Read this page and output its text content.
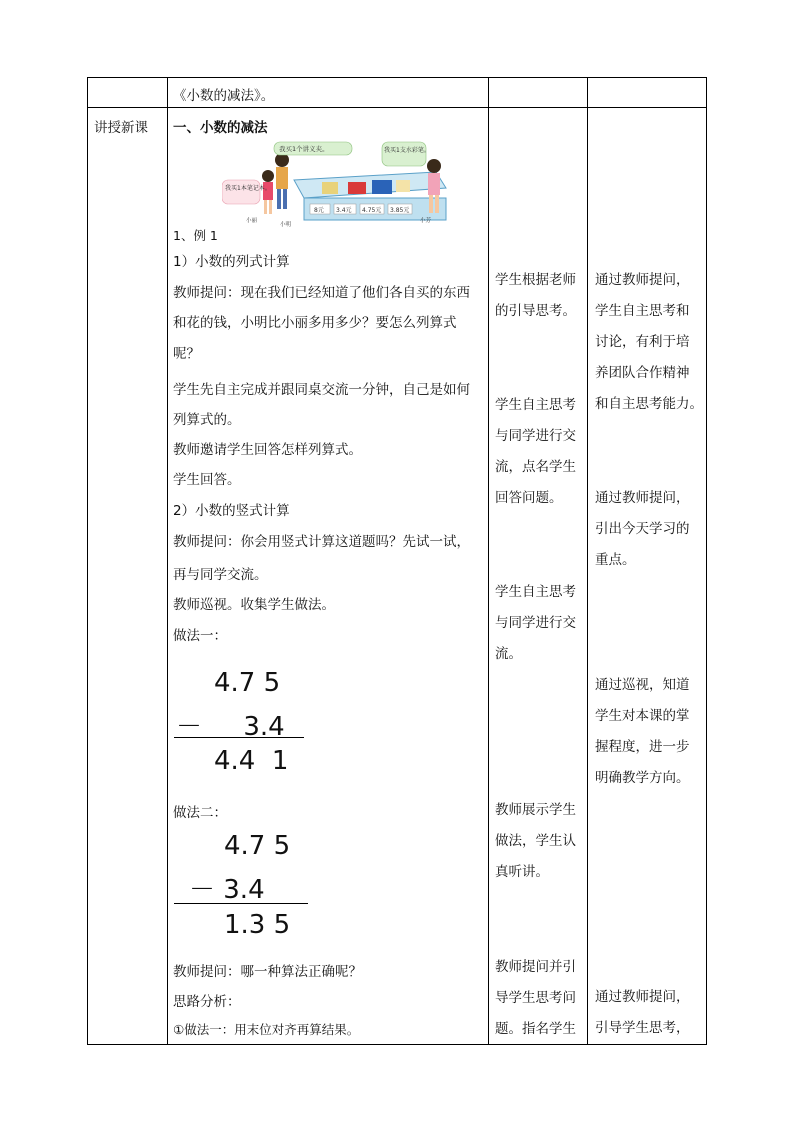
《小数的减法》。
讲授新课 一、小数的减法
8元 3.4元 4.75元 3.85元
我买1个讲义夹。
我买1本笔记本。
我买1支水彩笔。
小丽
小明
小芳
1、例 1
1）小数的列式计算
教师提问：现在我们已经知道了他们各自买的东西
和花的钱，小明比小丽多用多少？要怎么列算式
呢？
学生先自主完成并跟同桌交流一分钟，自己是如何
列算式的。
教师邀请学生回答怎样列算式。
学生回答。
2）小数的竖式计算
教师提问：你会用竖式计算这道题吗？先试一试，
再与同学交流。
教师巡视。收集学生做法。
做法一：
4.7 5
－     3.4
4.4  1
做法二：
4.7 5
－ 3.4
1.3 5
教师提问：哪一种算法正确呢？
思路分析：
①做法一：用末位对齐再算结果。
学生根据老师
的引导思考。
学生自主思考
与同学进行交
流，点名学生
回答问题。
学生自主思考
与同学进行交
流。
教师展示学生
做法，学生认
真听讲。
教师提问并引
导学生思考问
题。指名学生
通过教师提问，
学生自主思考和
讨论，有利于培
养团队合作精神
和自主思考能力。
通过教师提问，
引出今天学习的
重点。
通过巡视，知道
学生对本课的掌
握程度，进一步
明确教学方向。
通过教师提问，
引导学生思考，
